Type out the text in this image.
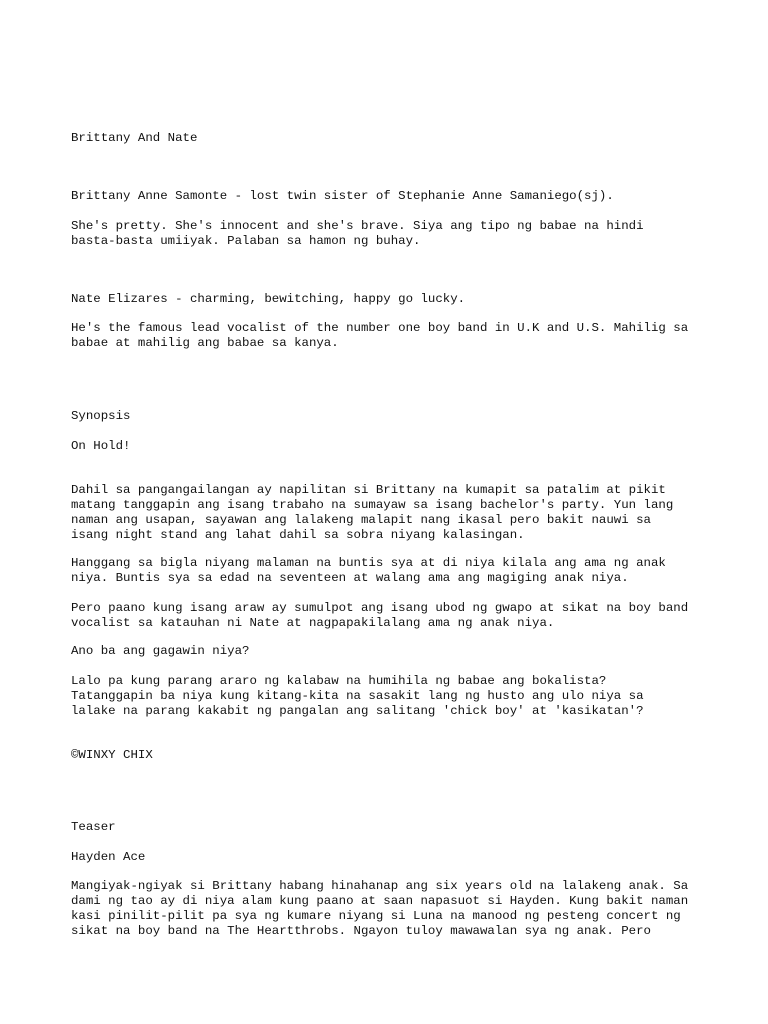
Brittany And Nate

Brittany Anne Samonte - lost twin sister of Stephanie Anne Samaniego(sj).

She's pretty. She's innocent and she's brave. Siya ang tipo ng babae na hindi

basta-basta umiiyak. Palaban sa hamon ng buhay.

Nate Elizares - charming, bewitching, happy go lucky.

He's the famous lead vocalist of the number one boy band in U.K and U.S. Mahilig sa

babae at mahilig ang babae sa kanya.

Synopsis

On Hold!

Dahil sa pangangailangan ay napilitan si Brittany na kumapit sa patalim at pikit

matang tanggapin ang isang trabaho na sumayaw sa isang bachelor's party. Yun lang

naman ang usapan, sayawan ang lalakeng malapit nang ikasal pero bakit nauwi sa

isang night stand ang lahat dahil sa sobra niyang kalasingan.

Hanggang sa bigla niyang malaman na buntis sya at di niya kilala ang ama ng anak

niya. Buntis sya sa edad na seventeen at walang ama ang magiging anak niya.

Pero paano kung isang araw ay sumulpot ang isang ubod ng gwapo at sikat na boy band

vocalist sa katauhan ni Nate at nagpapakilalang ama ng anak niya.

Ano ba ang gagawin niya?

Lalo pa kung parang araro ng kalabaw na humihila ng babae ang bokalista?

Tatanggapin ba niya kung kitang-kita na sasakit lang ng husto ang ulo niya sa

lalake na parang kakabit ng pangalan ang salitang 'chick boy' at 'kasikatan'?

©WINXY CHIX

Teaser

Hayden Ace

Mangiyak-ngiyak si Brittany habang hinahanap ang six years old na lalakeng anak. Sa

dami ng tao ay di niya alam kung paano at saan napasuot si Hayden. Kung bakit naman

kasi pinilit-pilit pa sya ng kumare niyang si Luna na manood ng pesteng concert ng

sikat na boy band na The Heartthrobs. Ngayon tuloy mawawalan sya ng anak. Pero
